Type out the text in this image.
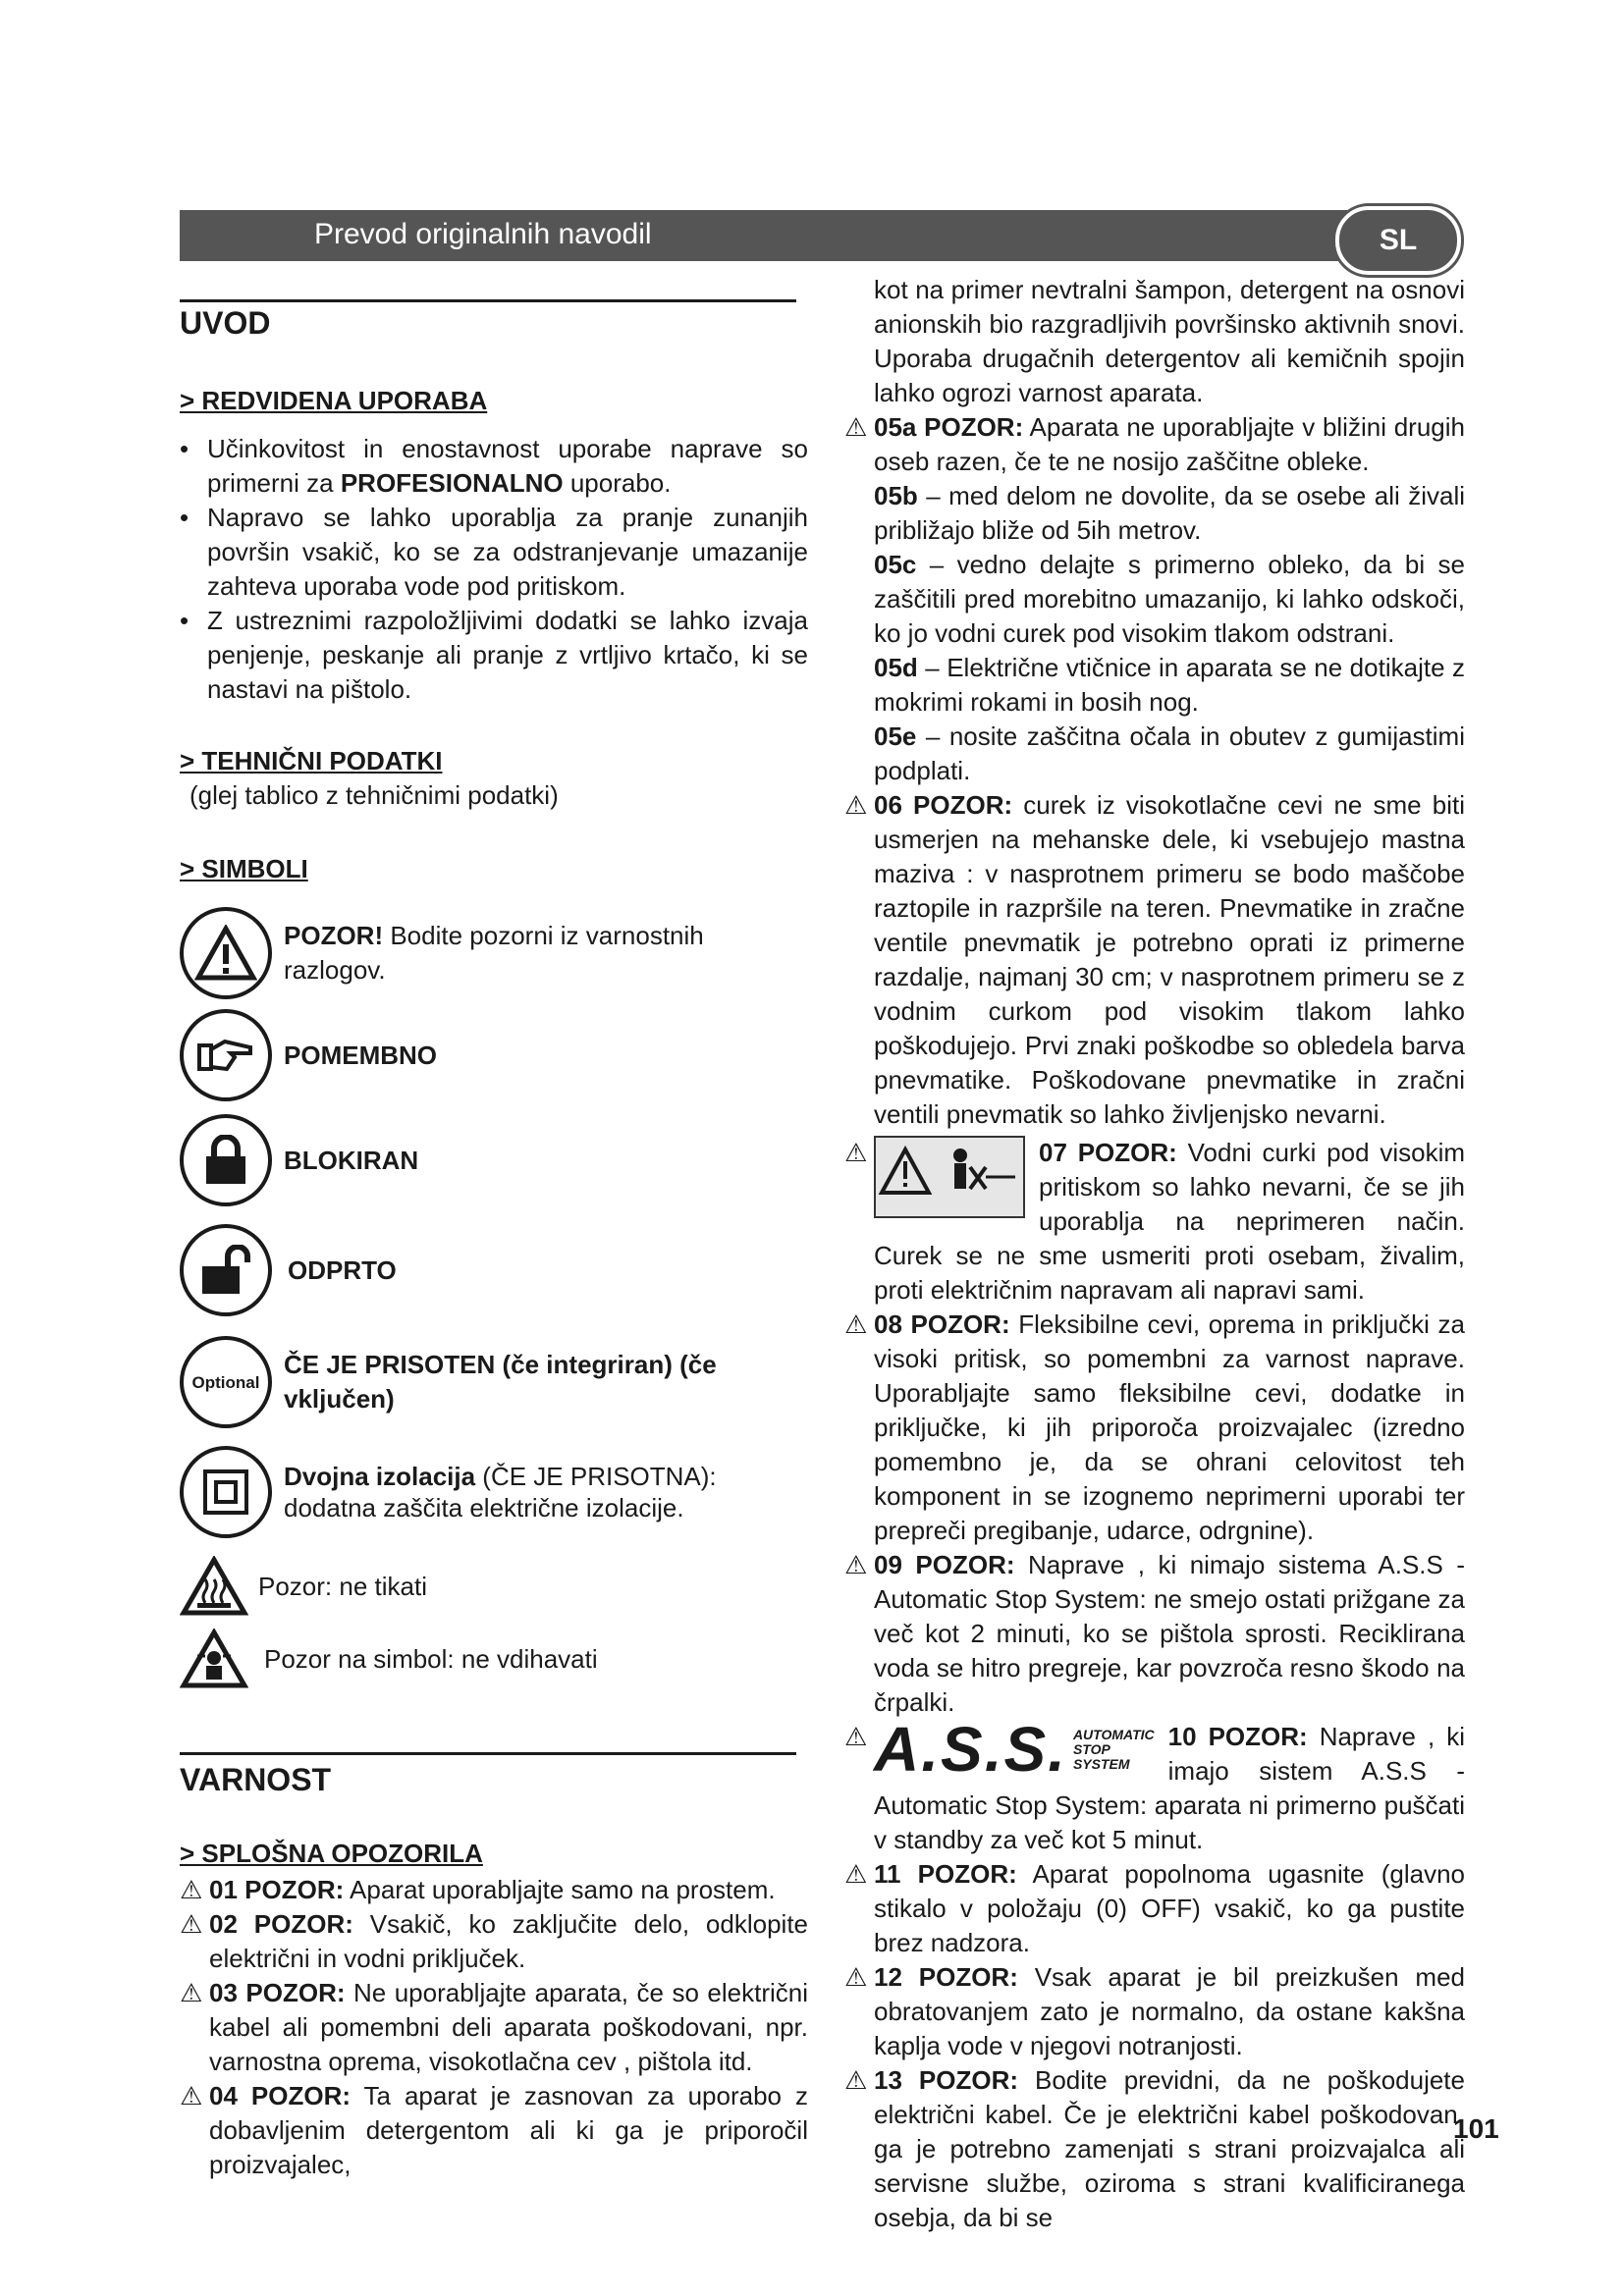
Prevod originalnih navodil	SL
UVOD
> REDVIDENA UPORABA
• Učinkovitost in enostavnost uporabe naprave so primerni za PROFESIONALNO uporabo.
• Napravo se lahko uporablja za pranje zunanjih površin vsakič, ko se za odstranjevanje umazanije zahteva uporaba vode pod pritiskom.
• Z ustreznimi razpoložljivimi dodatki se lahko izvaja penjenje, peskanje ali pranje z vrtljivo krtačo, ki se nastavi na pištolo.
> TEHNIČNI PODATKI

(glej tablico z tehničnimi podatki)

> SIMBOLI
POZOR! Bodite pozorni iz varnostnih razlogov.
POMEMBNO
BLOKIRAN
ODPRTO
Optional
ČE JE PRISOTEN (če integriran) (če vključen)
Dvojna izolacija (ČE JE PRISOTNA): dodatna zaščita električne izolacije.
Pozor: ne tikati
Pozor na simbol: ne vdihavati
VARNOST
> SPLOŠNA OPOZORILA

⚠ 01 POZOR: Aparat uporabljajte samo na prostem.

⚠ 02 POZOR: Vsakič, ko zaključite delo, odklopite električni in vodni priključek.

⚠ 03 POZOR: Ne uporabljajte aparata, če so električni kabel ali pomembni deli aparata poškodovani, npr. varnostna oprema, visokotlačna cev , pištola itd.

⚠ 04 POZOR: Ta aparat je zasnovan za uporabo z dobavljenim detergentom ali ki ga je priporočil proizvajalec,

kot na primer nevtralni šampon, detergent na osnovi anionskih bio razgradljivih površinsko aktivnih snovi. Uporaba drugačnih detergentov ali kemičnih spojin lahko ogrozi varnost aparata.

⚠ 05a POZOR: Aparata ne uporabljajte v bližini drugih oseb razen, če te ne nosijo zaščitne obleke.

05b – med delom ne dovolite, da se osebe ali živali približajo bliže od 5ih metrov.

05c – vedno delajte s primerno obleko, da bi se zaščitili pred morebitno umazanijo, ki lahko odskoči, ko jo vodni curek pod visokim tlakom odstrani.

05d – Električne vtičnice in aparata se ne dotikajte z mokrimi rokami in bosih nog.

05e – nosite zaščitna očala in obutev z gumijastimi podplati.

⚠ 06 POZOR: curek iz visokotlačne cevi ne sme biti usmerjen na mehanske dele, ki vsebujejo mastna maziva : v nasprotnem primeru se bodo maščobe raztopile in razpršile na teren. Pnevmatike in zračne ventile pnevmatik je potrebno oprati iz primerne razdalje, najmanj 30 cm; v nasprotnem primeru se z vodnim curkom pod visokim tlakom lahko poškodujejo. Prvi znaki poškodbe so obledela barva pnevmatike. Poškodovane pnevmatike in zračni ventili pnevmatik so lahko življenjsko nevarni.

⚠	07 POZOR: Vodni curki pod visokim pritiskom so lahko nevarni, če se jih uporablja na neprimeren način. Curek se ne sme usmeriti proti osebam, živalim, proti električnim napravam ali napravi sami.

⚠ 08 POZOR: Fleksibilne cevi, oprema in priključki za visoki pritisk, so pomembni za varnost naprave. Uporabljajte samo fleksibilne cevi, dodatke in priključke, ki jih priporoča proizvajalec (izredno pomembno je, da se ohrani celovitost teh komponent in se izognemo neprimerni uporabi ter prepreči pregibanje, udarce, odrgnine).

⚠ 09 POZOR: Naprave , ki nimajo sistema A.S.S - Automatic Stop System: ne smejo ostati prižgane za več kot 2 minuti, ko se pištola sprosti. Reciklirana voda se hitro pregreje, kar povzroča resno škodo na črpalki.

⚠ A.S.S. AUTOMATIC
STOP
SYSTEM
10 POZOR: Naprave , ki imajo sistem A.S.S - Automatic Stop System: aparata ni primerno puščati v standby za več kot 5 minut.

⚠ 11 POZOR: Aparat popolnoma ugasnite (glavno stikalo v položaju (0) OFF) vsakič, ko ga pustite brez nadzora.

⚠ 12 POZOR: Vsak aparat je bil preizkušen med obratovanjem zato je normalno, da ostane kakšna kaplja vode v njegovi notranjosti.

⚠ 13 POZOR: Bodite previdni, da ne poškodujete električni kabel. Če je električni kabel poškodovan, ga je potrebno zamenjati s strani proizvajalca ali servisne službe, oziroma s strani kvalificiranega osebja, da bi se

101
